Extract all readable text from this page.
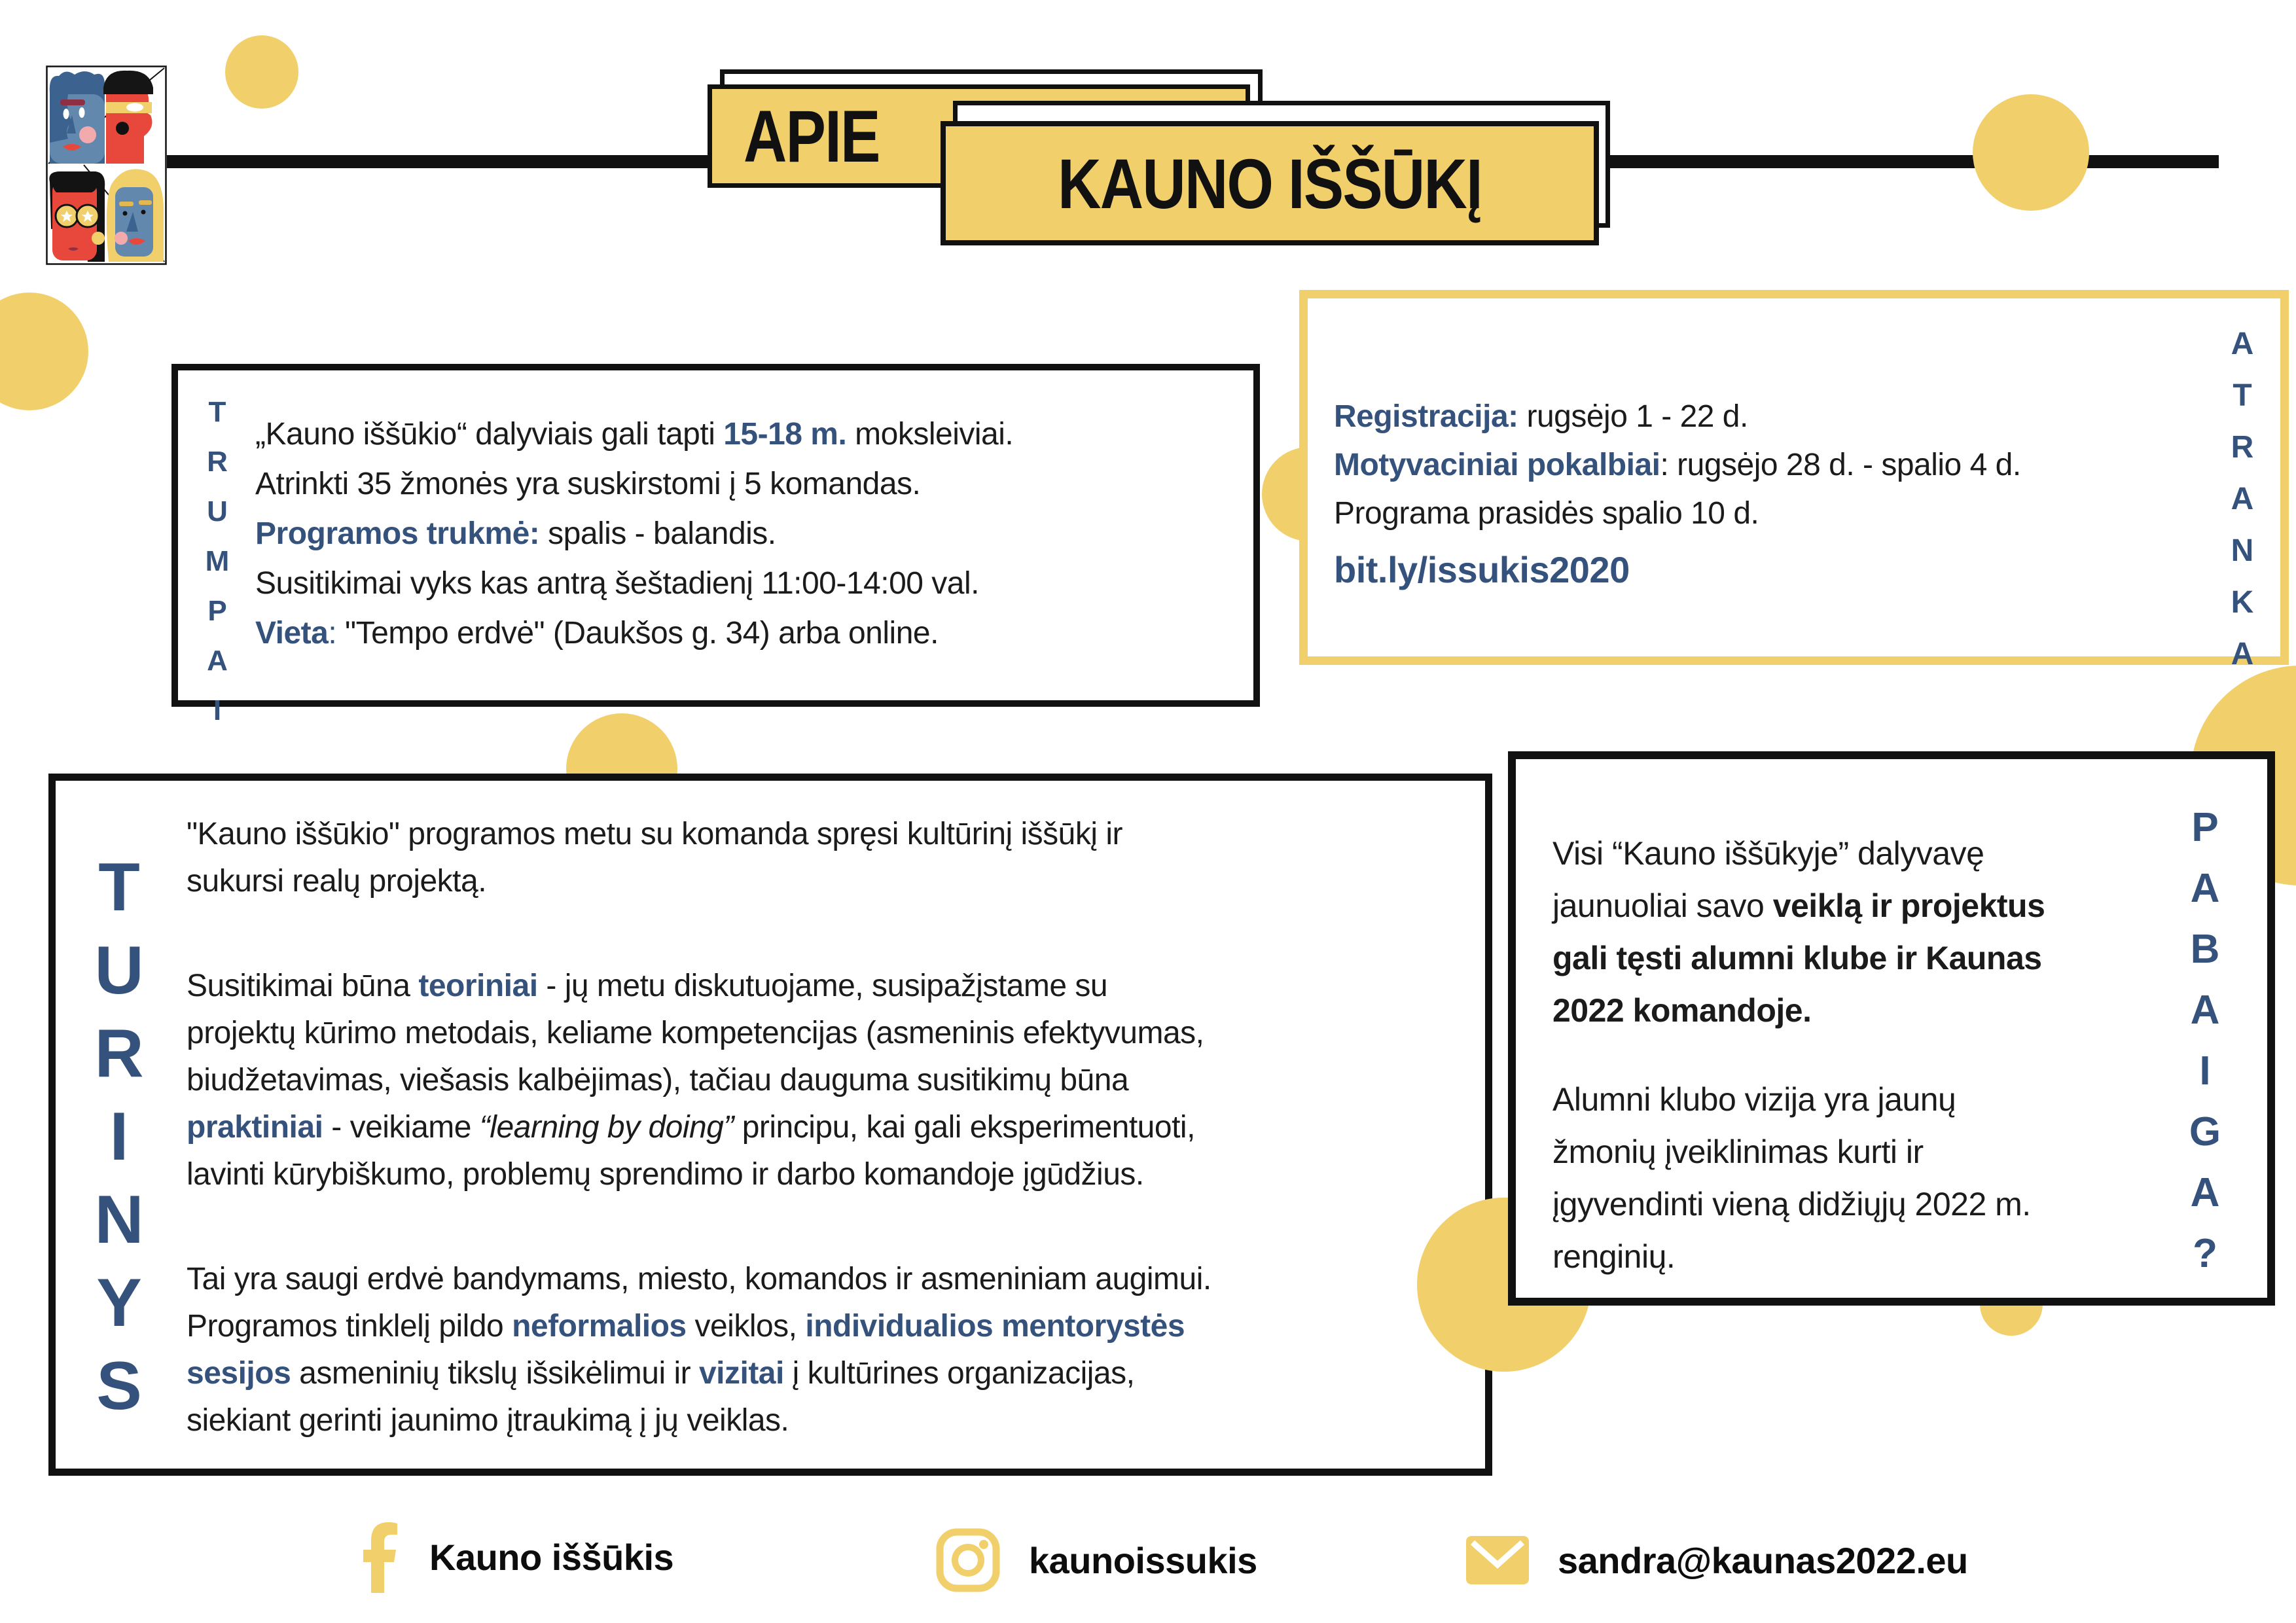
APIE
KAUNO IŠŠŪKĮ
T
R
U
M
P
A
I
„Kauno iššūkio“ dalyviais gali tapti 15-18 m. moksleiviai.
Atrinkti 35 žmonės yra suskirstomi į 5 komandas.
Programos trukmė: spalis - balandis.
Susitikimai vyks kas antrą šeštadienį 11:00-14:00 val.
Vieta: "Tempo erdvė" (Daukšos g. 34) arba online.
A
T
R
A
N
K
A
Registracija: rugsėjo 1 - 22 d.
Motyvaciniai pokalbiai: rugsėjo 28 d. - spalio 4 d.
Programa prasidės spalio 10 d.
bit.ly/issukis2020
T
U
R
I
N
Y
S
"Kauno iššūkio" programos metu su komanda spręsi kultūrinį iššūkį ir
sukursi realų projektą.
Susitikimai būna teoriniai - jų metu diskutuojame, susipažįstame su
projektų kūrimo metodais, keliame kompetencijas (asmeninis efektyvumas,
biudžetavimas, viešasis kalbėjimas), tačiau dauguma susitikimų būna
praktiniai - veikiame “learning by doing” principu, kai gali eksperimentuoti,
lavinti kūrybiškumo, problemų sprendimo ir darbo komandoje įgūdžius.
Tai yra saugi erdvė bandymams, miesto, komandos ir asmeniniam augimui.
Programos tinklelį pildo neformalios veiklos, individualios mentorystės
sesijos asmeninių tikslų išsikėlimui ir vizitai į kultūrines organizacijas,
siekiant gerinti jaunimo įtraukimą į jų veiklas.
P
A
B
A
I
G
A
?
Visi “Kauno iššūkyje” dalyvavę
jaunuoliai savo veiklą ir projektus
gali tęsti alumni klube ir Kaunas
2022 komandoje.
Alumni klubo vizija yra jaunų
žmonių įveiklinimas kurti ir
įgyvendinti vieną didžiųjų 2022 m.
renginių.
Kauno iššūkis	kaunoissukis	sandra@kaunas2022.eu
